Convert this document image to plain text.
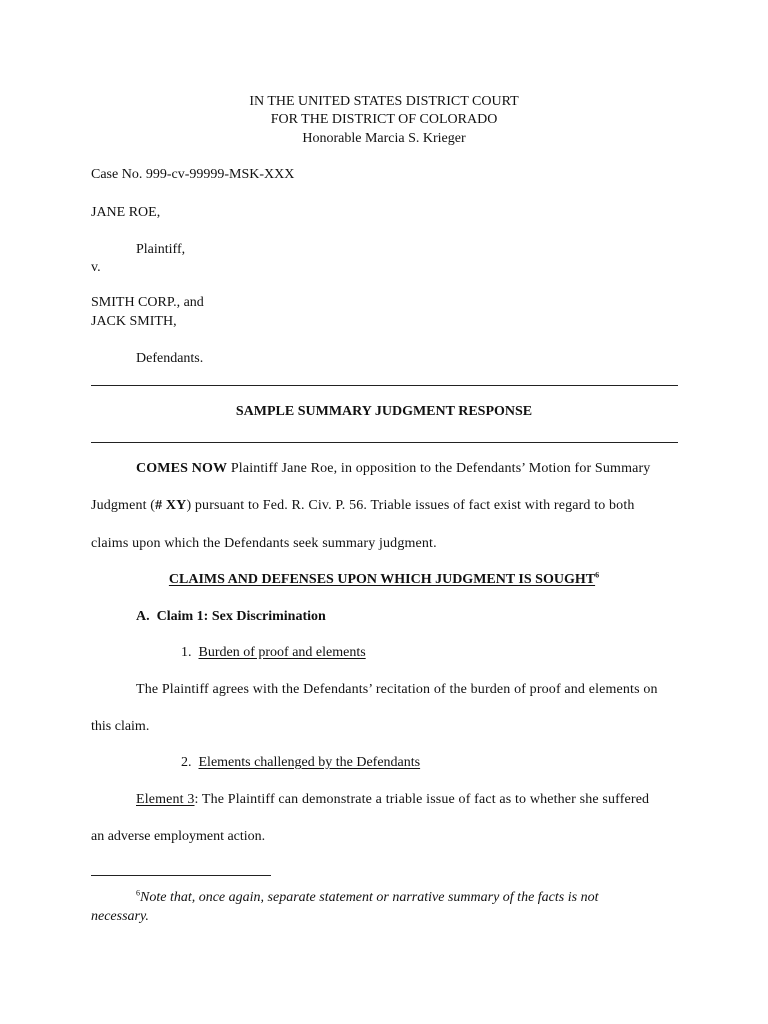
IN THE UNITED STATES DISTRICT COURT
FOR THE DISTRICT OF COLORADO
Honorable Marcia S. Krieger
Case No. 999-cv-99999-MSK-XXX
JANE ROE,
Plaintiff,
v.
SMITH CORP., and
JACK SMITH,
Defendants.
SAMPLE SUMMARY JUDGMENT RESPONSE
COMES NOW Plaintiff Jane Roe, in opposition to the Defendants’ Motion for Summary
Judgment (# XY) pursuant to Fed. R. Civ. P. 56. Triable issues of fact exist with regard to both
claims upon which the Defendants seek summary judgment.
CLAIMS AND DEFENSES UPON WHICH JUDGMENT IS SOUGHT$^6$
A. Claim 1: Sex Discrimination
1. Burden of proof and elements
The Plaintiff agrees with the Defendants’ recitation of the burden of proof and elements on
this claim.
2. Elements challenged by the Defendants
Element 3: The Plaintiff can demonstrate a triable issue of fact as to whether she suffered
an adverse employment action.
$^6$Note that, once again, separate statement or narrative summary of the facts is not
necessary.
